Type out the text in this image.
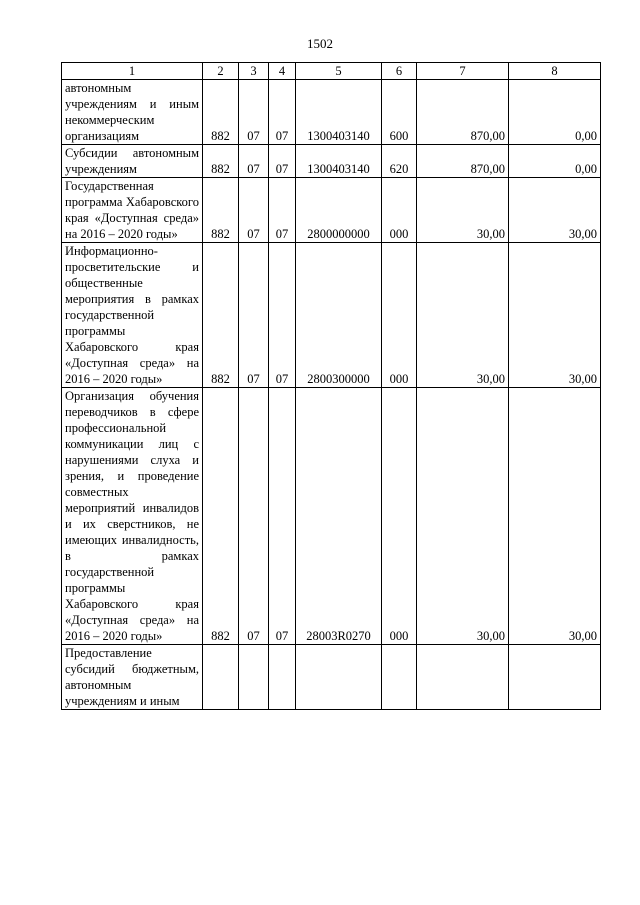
1502
1	2	3	4	5	6	7	8
автономным учреждениям и иным некоммерческим организациям	882	07	07	1300403140	600	870,00	0,00
Субсидии автономным учреждениям	882	07	07	1300403140	620	870,00	0,00
Государственная программа Хабаровского края «Доступная среда» на 2016 – 2020 годы»	882	07	07	2800000000	000	30,00	30,00
Информационно-просветительские и общественные мероприятия в рамках государственной программы Хабаровского края «Доступная среда» на 2016 – 2020 годы»	882	07	07	2800300000	000	30,00	30,00
Организация обучения переводчиков в сфере профессиональной коммуникации лиц с нарушениями слуха и зрения, и проведение совместных мероприятий инвалидов и их сверстников, не имеющих инвалидность, в рамках государственной программы Хабаровского края «Доступная среда» на 2016 – 2020 годы»	882	07	07	28003R0270	000	30,00	30,00
Предоставление субсидий бюджетным, автономным учреждениям и иным							
